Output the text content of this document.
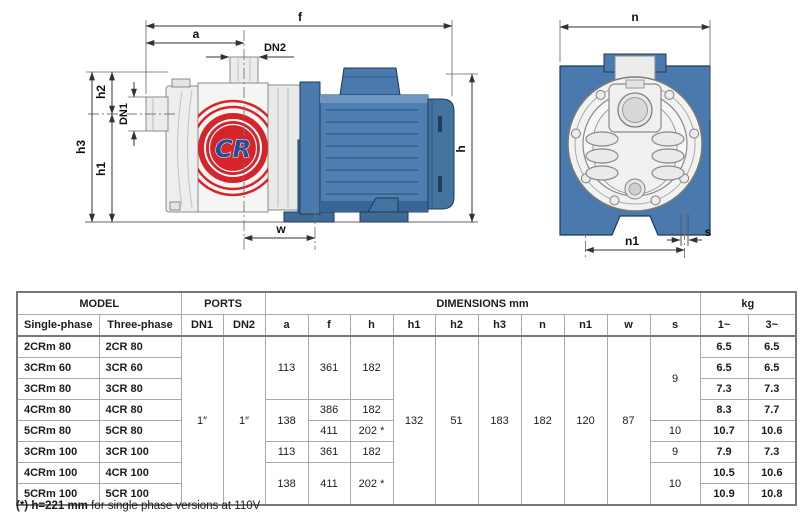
CR
f
a
DN2
h3
h2
h1
DN1
h
w
n
n1
s
MODEL		PORTS		DIMENSIONS mm										kg	
Single-phase	Three-phase	DN1	DN2	a	f	h	h1	h2	h3	n	n1	w	s	1~	3~
2CRm 80	2CR 80	1″	1″	113	361	182	132	51	183	182	120	87	9	6.5	6.5
3CRm 60	3CR 60													6.5	6.5
3CRm 80	3CR 80													7.3	7.3
4CRm 80	4CR 80			138	386	182								8.3	7.7
5CRm 80	5CR 80				411	202 *							10	10.7	10.6
3CRm 100	3CR 100			113	361	182							9	7.9	7.3
4CRm 100	4CR 100			138	411	202 *							10	10.5	10.6
5CRm 100	5CR 100													10.9	10.8
(*) h=221 mm for single phase versions at 110V
